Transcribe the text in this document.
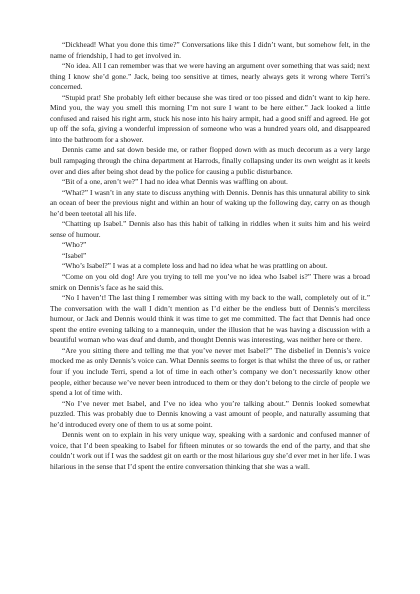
“Dickhead! What you done this time?” Conversations like this I didn’t want, but somehow felt, in the name of friendship, I had to get involved in.

“No idea. All I can remember was that we were having an argument over something that was said; next thing I know she’d gone.” Jack, being too sensitive at times, nearly always gets it wrong where Terri’s concerned.

“Stupid prat! She probably left either because she was tired or too pissed and didn’t want to kip here. Mind you, the way you smell this morning I’m not sure I want to be here either.” Jack looked a little confused and raised his right arm, stuck his nose into his hairy armpit, had a good sniff and agreed. He got up off the sofa, giving a wonderful impression of someone who was a hundred years old, and disappeared into the bathroom for a shower.

Dennis came and sat down beside me, or rather flopped down with as much decorum as a very large bull rampaging through the china department at Harrods, finally collapsing under its own weight as it keels over and dies after being shot dead by the police for causing a public disturbance.

“Bit of a one, aren’t we?” I had no idea what Dennis was waffling on about.

“What?” I wasn’t in any state to discuss anything with Dennis. Dennis has this unnatural ability to sink an ocean of beer the previous night and within an hour of waking up the following day, carry on as though he’d been teetotal all his life.

“Chatting up Isabel.” Dennis also has this habit of talking in riddles when it suits him and his weird sense of humour.

“Who?”

“Isabel”

“Who’s Isabel?” I was at a complete loss and had no idea what he was prattling on about.

“Come on you old dog! Are you trying to tell me you’ve no idea who Isabel is?” There was a broad smirk on Dennis’s face as he said this.

“No I haven’t! The last thing I remember was sitting with my back to the wall, completely out of it.” The conversation with the wall I didn’t mention as I’d either be the endless butt of Dennis’s merciless humour, or Jack and Dennis would think it was time to get me committed. The fact that Dennis had once spent the entire evening talking to a mannequin, under the illusion that he was having a discussion with a beautiful woman who was deaf and dumb, and thought Dennis was interesting, was neither here or there.

“Are you sitting there and telling me that you’ve never met Isabel?” The disbelief in Dennis’s voice mocked me as only Dennis’s voice can. What Dennis seems to forget is that whilst the three of us, or rather four if you include Terri, spend a lot of time in each other’s company we don’t necessarily know other people, either because we’ve never been introduced to them or they don’t belong to the circle of people we spend a lot of time with.

“No I’ve never met Isabel, and I’ve no idea who you’re talking about.” Dennis looked somewhat puzzled. This was probably due to Dennis knowing a vast amount of people, and naturally assuming that he’d introduced every one of them to us at some point.

Dennis went on to explain in his very unique way, speaking with a sardonic and confused manner of voice, that I’d been speaking to Isabel for fifteen minutes or so towards the end of the party, and that she couldn’t work out if I was the saddest git on earth or the most hilarious guy she’d ever met in her life. I was hilarious in the sense that I’d spent the entire conversation thinking that she was a wall.
